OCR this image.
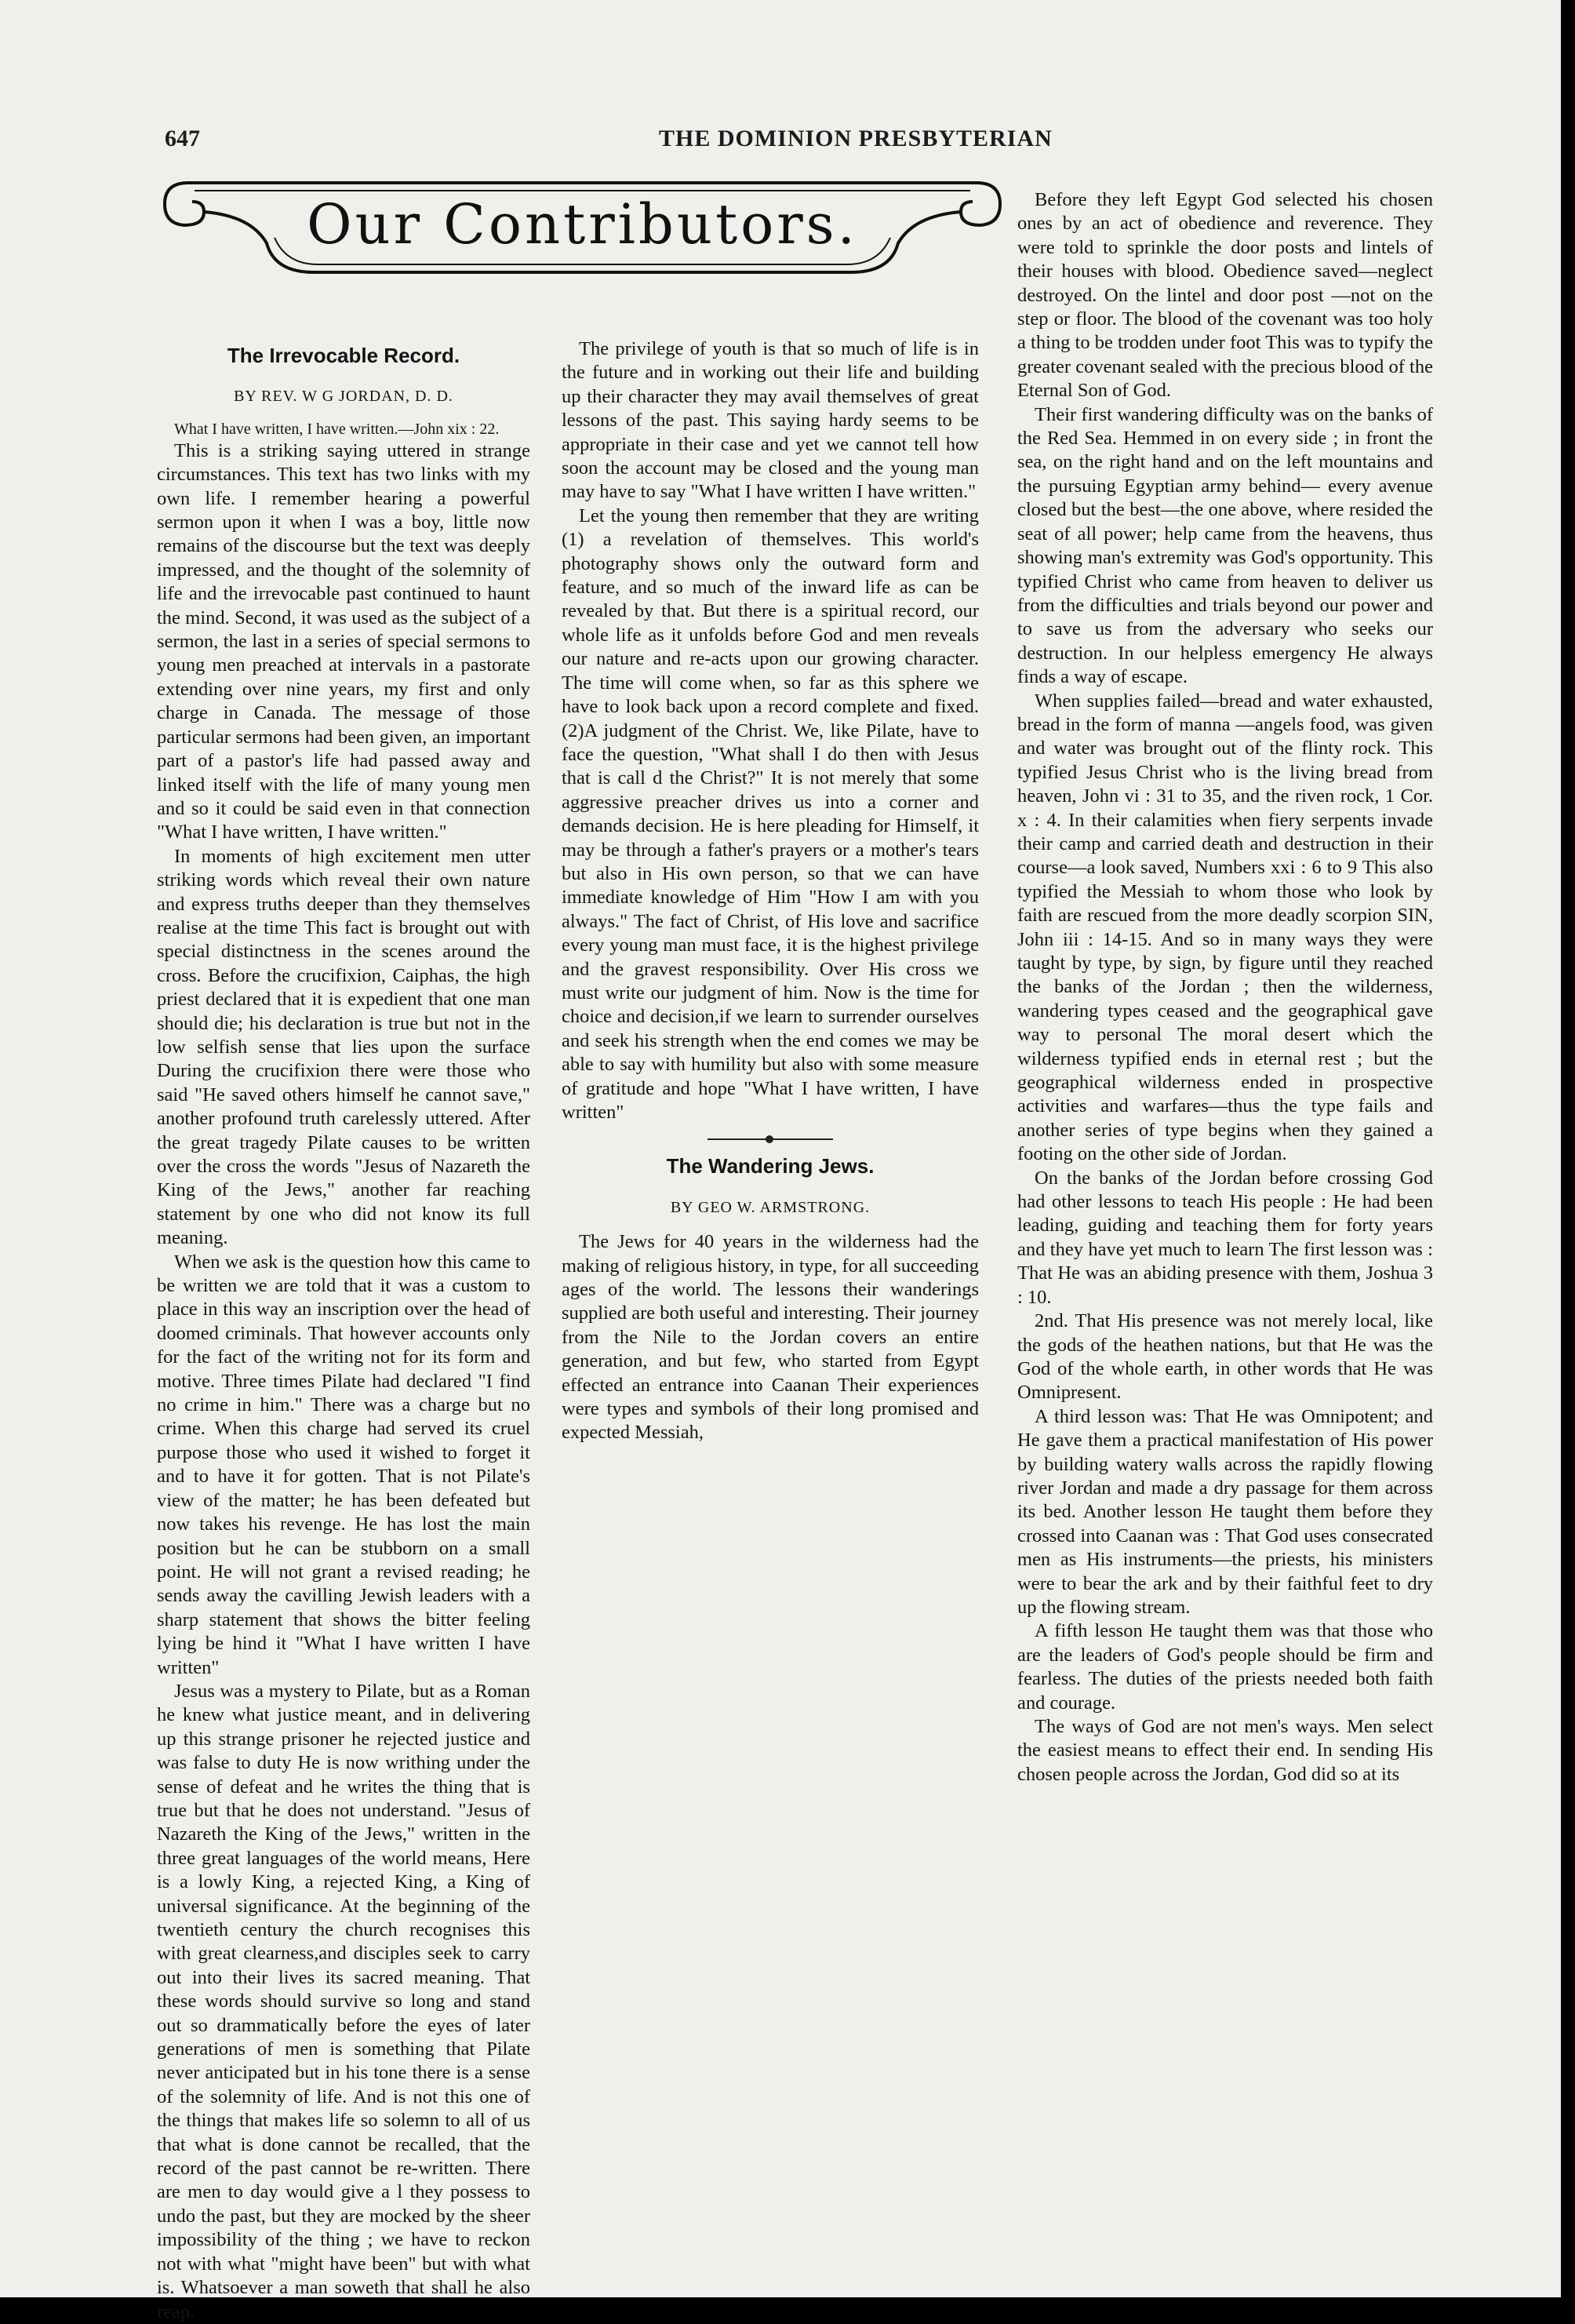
647	THE DOMINION PRESBYTERIAN
Our Contributors.
The Irrevocable Record.
BY REV. W G JORDAN, D. D.

What I have written, I have written.—John xix : 22.

This is a striking saying uttered in strange circumstances. This text has two links with my own life. I remember hearing a powerful sermon upon it when I was a boy, little now remains of the discourse but the text was deeply impressed, and the thought of the solemnity of life and the irrevocable past continued to haunt the mind. Second, it was used as the subject of a sermon, the last in a series of special sermons to young men preached at intervals in a pastorate extending over nine years, my first and only charge in Canada. The message of those particular sermons had been given, an important part of a pastor's life had passed away and linked itself with the life of many young men and so it could be said even in that connection "What I have written, I have written."

In moments of high excitement men utter striking words which reveal their own nature and express truths deeper than they themselves realise at the time This fact is brought out with special distinctness in the scenes around the cross. Before the crucifixion, Caiphas, the high priest declared that it is expedient that one man should die; his declaration is true but not in the low selfish sense that lies upon the surface During the crucifixion there were those who said "He saved others himself he cannot save," another profound truth carelessly uttered. After the great tragedy Pilate causes to be written over the cross the words "Jesus of Nazareth the King of the Jews," another far reaching statement by one who did not know its full meaning.

When we ask is the question how this came to be written we are told that it was a custom to place in this way an inscription over the head of doomed criminals. That however accounts only for the fact of the writing not for its form and motive. Three times Pilate had declared "I find no crime in him." There was a charge but no crime. When this charge had served its cruel purpose those who used it wished to forget it and to have it for gotten. That is not Pilate's view of the matter; he has been defeated but now takes his revenge. He has lost the main position but he can be stubborn on a small point. He will not grant a revised reading; he sends away the cavilling Jewish leaders with a sharp statement that shows the bitter feeling lying be hind it "What I have written I have written"

Jesus was a mystery to Pilate, but as a Roman he knew what justice meant, and in delivering up this strange prisoner he rejected justice and was false to duty He is now writhing under the sense of defeat and he writes the thing that is true but that he does not understand. "Jesus of Nazareth the King of the Jews," written in the three great languages of the world means, Here is a lowly King, a rejected King, a King of universal significance. At the beginning of the twentieth century the church recognises this with great clearness,and disciples seek to carry out into their lives its sacred meaning. That these words should survive so long and stand out so drammatically before the eyes of later generations of men is something that Pilate never anticipated but in his tone there is a sense of the solemnity of life. And is not this one of the things that makes life so solemn to all of us that what is done cannot be recalled, that the record of the past cannot be re-written. There are men to day would give a l they possess to undo the past, but they are mocked by the sheer impossibility of the thing ; we have to reckon not with what "might have been" but with what is. Whatsoever a man soweth that shall he also reap.

The privilege of youth is that so much of life is in the future and in working out their life and building up their character they may avail themselves of great lessons of the past. This saying hardy seems to be appropriate in their case and yet we cannot tell how soon the account may be closed and the young man may have to say "What I have written I have written."

Let the young then remember that they are writing (1) a revelation of themselves. This world's photography shows only the outward form and feature, and so much of the inward life as can be revealed by that. But there is a spiritual record, our whole life as it unfolds before God and men reveals our nature and re-acts upon our growing character. The time will come when, so far as this sphere we have to look back upon a record complete and fixed. (2)A judgment of the Christ. We, like Pilate, have to face the question, "What shall I do then with Jesus that is call d the Christ?" It is not merely that some aggressive preacher drives us into a corner and demands decision. He is here pleading for Himself, it may be through a father's prayers or a mother's tears but also in His own person, so that we can have immediate knowledge of Him "How I am with you always." The fact of Christ, of His love and sacrifice every young man must face, it is the highest privilege and the gravest responsibility. Over His cross we must write our judgment of him. Now is the time for choice and decision,if we learn to surrender ourselves and seek his strength when the end comes we may be able to say with humility but also with some measure of gratitude and hope "What I have written, I have written"

The Wandering Jews.
BY GEO W. ARMSTRONG.

The Jews for 40 years in the wilderness had the making of religious history, in type, for all succeeding ages of the world. The lessons their wanderings supplied are both useful and interesting. Their journey from the Nile to the Jordan covers an entire generation, and but few, who started from Egypt effected an entrance into Caanan Their experiences were types and symbols of their long promised and expected Messiah,

Before they left Egypt God selected his chosen ones by an act of obedience and reverence. They were told to sprinkle the door posts and lintels of their houses with blood. Obedience saved—neglect destroyed. On the lintel and door post —not on the step or floor. The blood of the covenant was too holy a thing to be trodden under foot This was to typify the greater covenant sealed with the precious blood of the Eternal Son of God.

Their first wandering difficulty was on the banks of the Red Sea. Hemmed in on every side ; in front the sea, on the right hand and on the left mountains and the pursuing Egyptian army behind— every avenue closed but the best—the one above, where resided the seat of all power; help came from the heavens, thus showing man's extremity was God's opportunity. This typified Christ who came from heaven to deliver us from the difficulties and trials beyond our power and to save us from the adversary who seeks our destruction. In our helpless emergency He always finds a way of escape.

When supplies failed—bread and water exhausted, bread in the form of manna —angels food, was given and water was brought out of the flinty rock. This typified Jesus Christ who is the living bread from heaven, John vi : 31 to 35, and the riven rock, 1 Cor. x : 4. In their calamities when fiery serpents invade their camp and carried death and destruction in their course—a look saved, Numbers xxi : 6 to 9 This also typified the Messiah to whom those who look by faith are rescued from the more deadly scorpion SIN, John iii : 14-15. And so in many ways they were taught by type, by sign, by figure until they reached the banks of the Jordan ; then the wilderness, wandering types ceased and the geographical gave way to personal The moral desert which the wilderness typified ends in eternal rest ; but the geographical wilderness ended in prospective activities and warfares—thus the type fails and another series of type begins when they gained a footing on the other side of Jordan.

On the banks of the Jordan before crossing God had other lessons to teach His people : He had been leading, guiding and teaching them for forty years and they have yet much to learn The first lesson was : That He was an abiding presence with them, Joshua 3 : 10.

2nd. That His presence was not merely local, like the gods of the heathen nations, but that He was the God of the whole earth, in other words that He was Omnipresent.

A third lesson was: That He was Omnipotent; and He gave them a practical manifestation of His power by building watery walls across the rapidly flowing river Jordan and made a dry passage for them across its bed. Another lesson He taught them before they crossed into Caanan was : That God uses consecrated men as His instruments—the priests, his ministers were to bear the ark and by their faithful feet to dry up the flowing stream.

A fifth lesson He taught them was that those who are the leaders of God's people should be firm and fearless. The duties of the priests needed both faith and courage.

The ways of God are not men's ways. Men select the easiest means to effect their end. In sending His chosen people across the Jordan, God did so at its
